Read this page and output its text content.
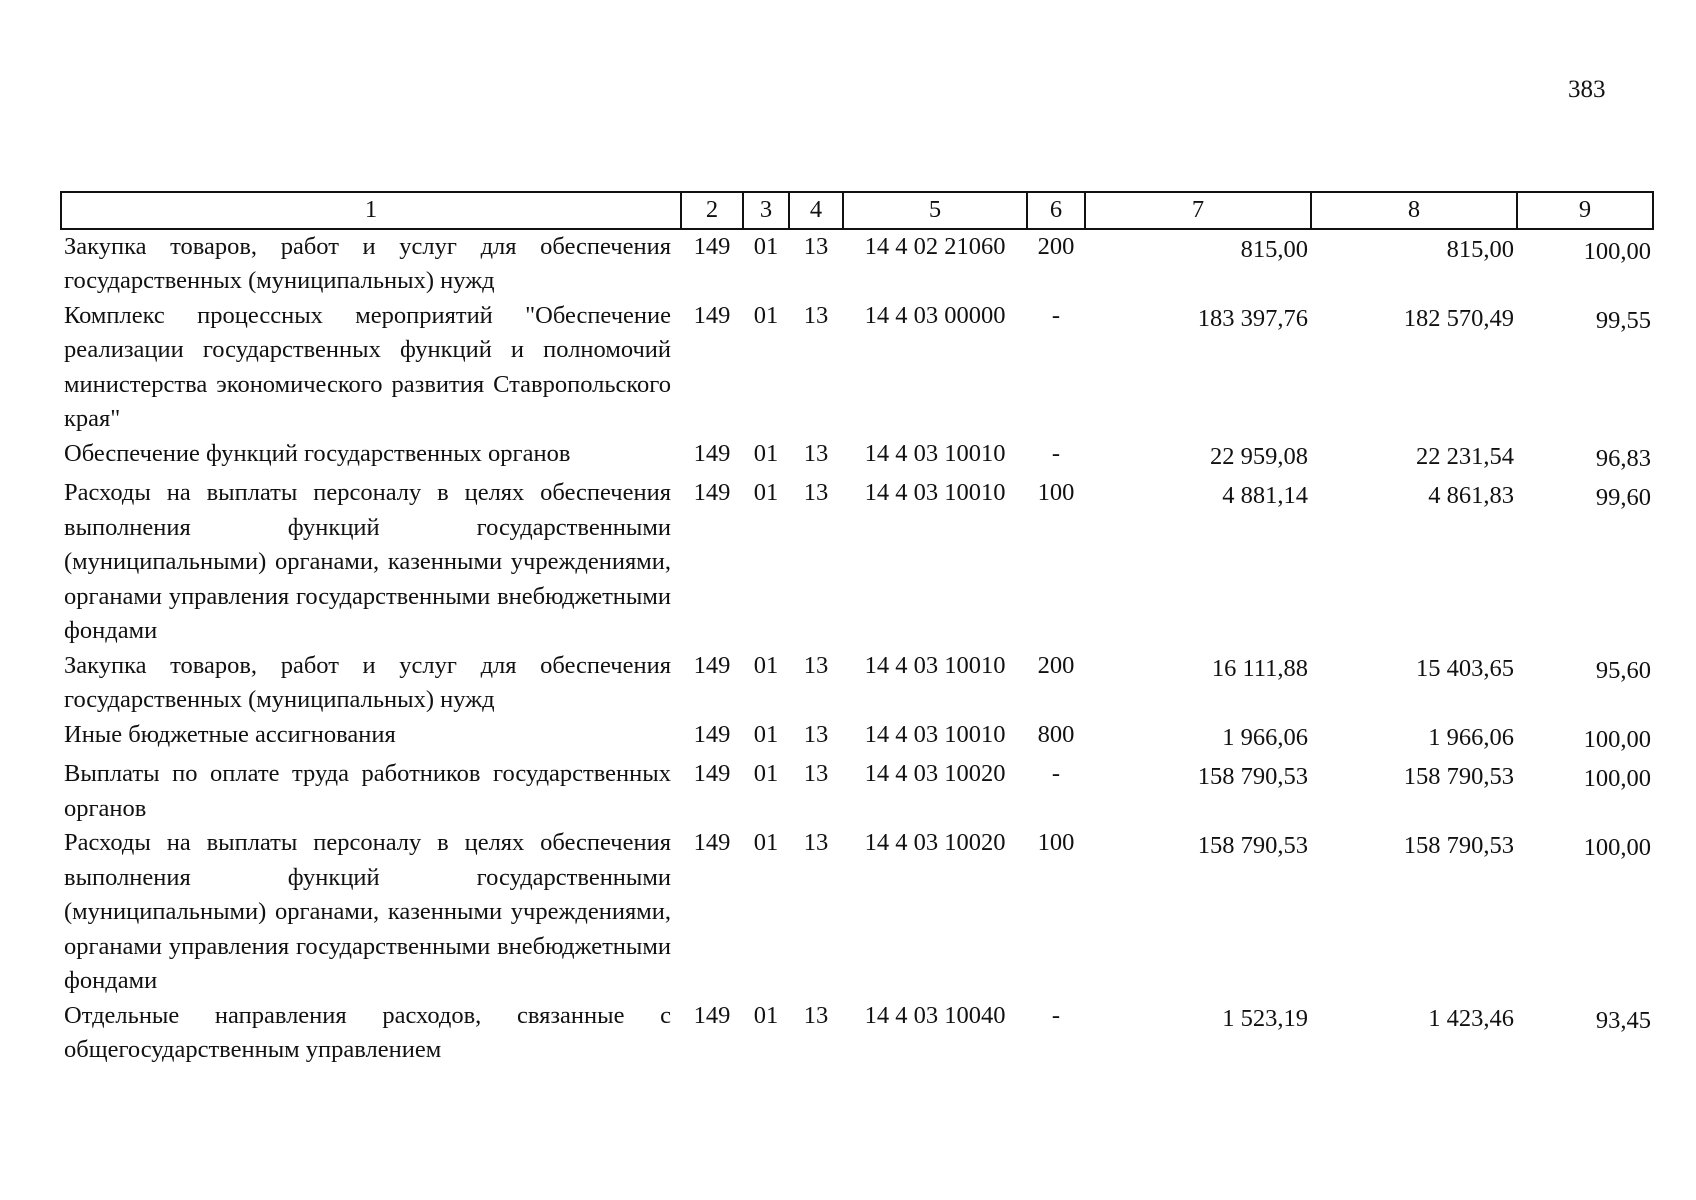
383
1	2	3	4	5	6	7	8	9
Закупка товаров, работ и услуг для обеспечения государственных (муниципальных) нужд	149	01	13	14 4 02 21060	200	815,00	815,00	100,00
Комплекс процессных мероприятий "Обеспечение реализации государственных функций и полномочий министерства экономического развития Ставропольского края"	149	01	13	14 4 03 00000	-	183 397,76	182 570,49	99,55
Обеспечение функций государственных органов	149	01	13	14 4 03 10010	-	22 959,08	22 231,54	96,83
Расходы на выплаты персоналу в целях обеспечения выполнения функций государственными (муниципальными) органами, казенными учреждениями, органами управления государственными внебюджетными фондами	149	01	13	14 4 03 10010	100	4 881,14	4 861,83	99,60
Закупка товаров, работ и услуг для обеспечения государственных (муниципальных) нужд	149	01	13	14 4 03 10010	200	16 111,88	15 403,65	95,60
Иные бюджетные ассигнования	149	01	13	14 4 03 10010	800	1 966,06	1 966,06	100,00
Выплаты по оплате труда работников государственных органов	149	01	13	14 4 03 10020	-	158 790,53	158 790,53	100,00
Расходы на выплаты персоналу в целях обеспечения выполнения функций государственными (муниципальными) органами, казенными учреждениями, органами управления государственными внебюджетными фондами	149	01	13	14 4 03 10020	100	158 790,53	158 790,53	100,00
Отдельные направления расходов, связанные с общегосударственным управлением	149	01	13	14 4 03 10040	-	1 523,19	1 423,46	93,45
